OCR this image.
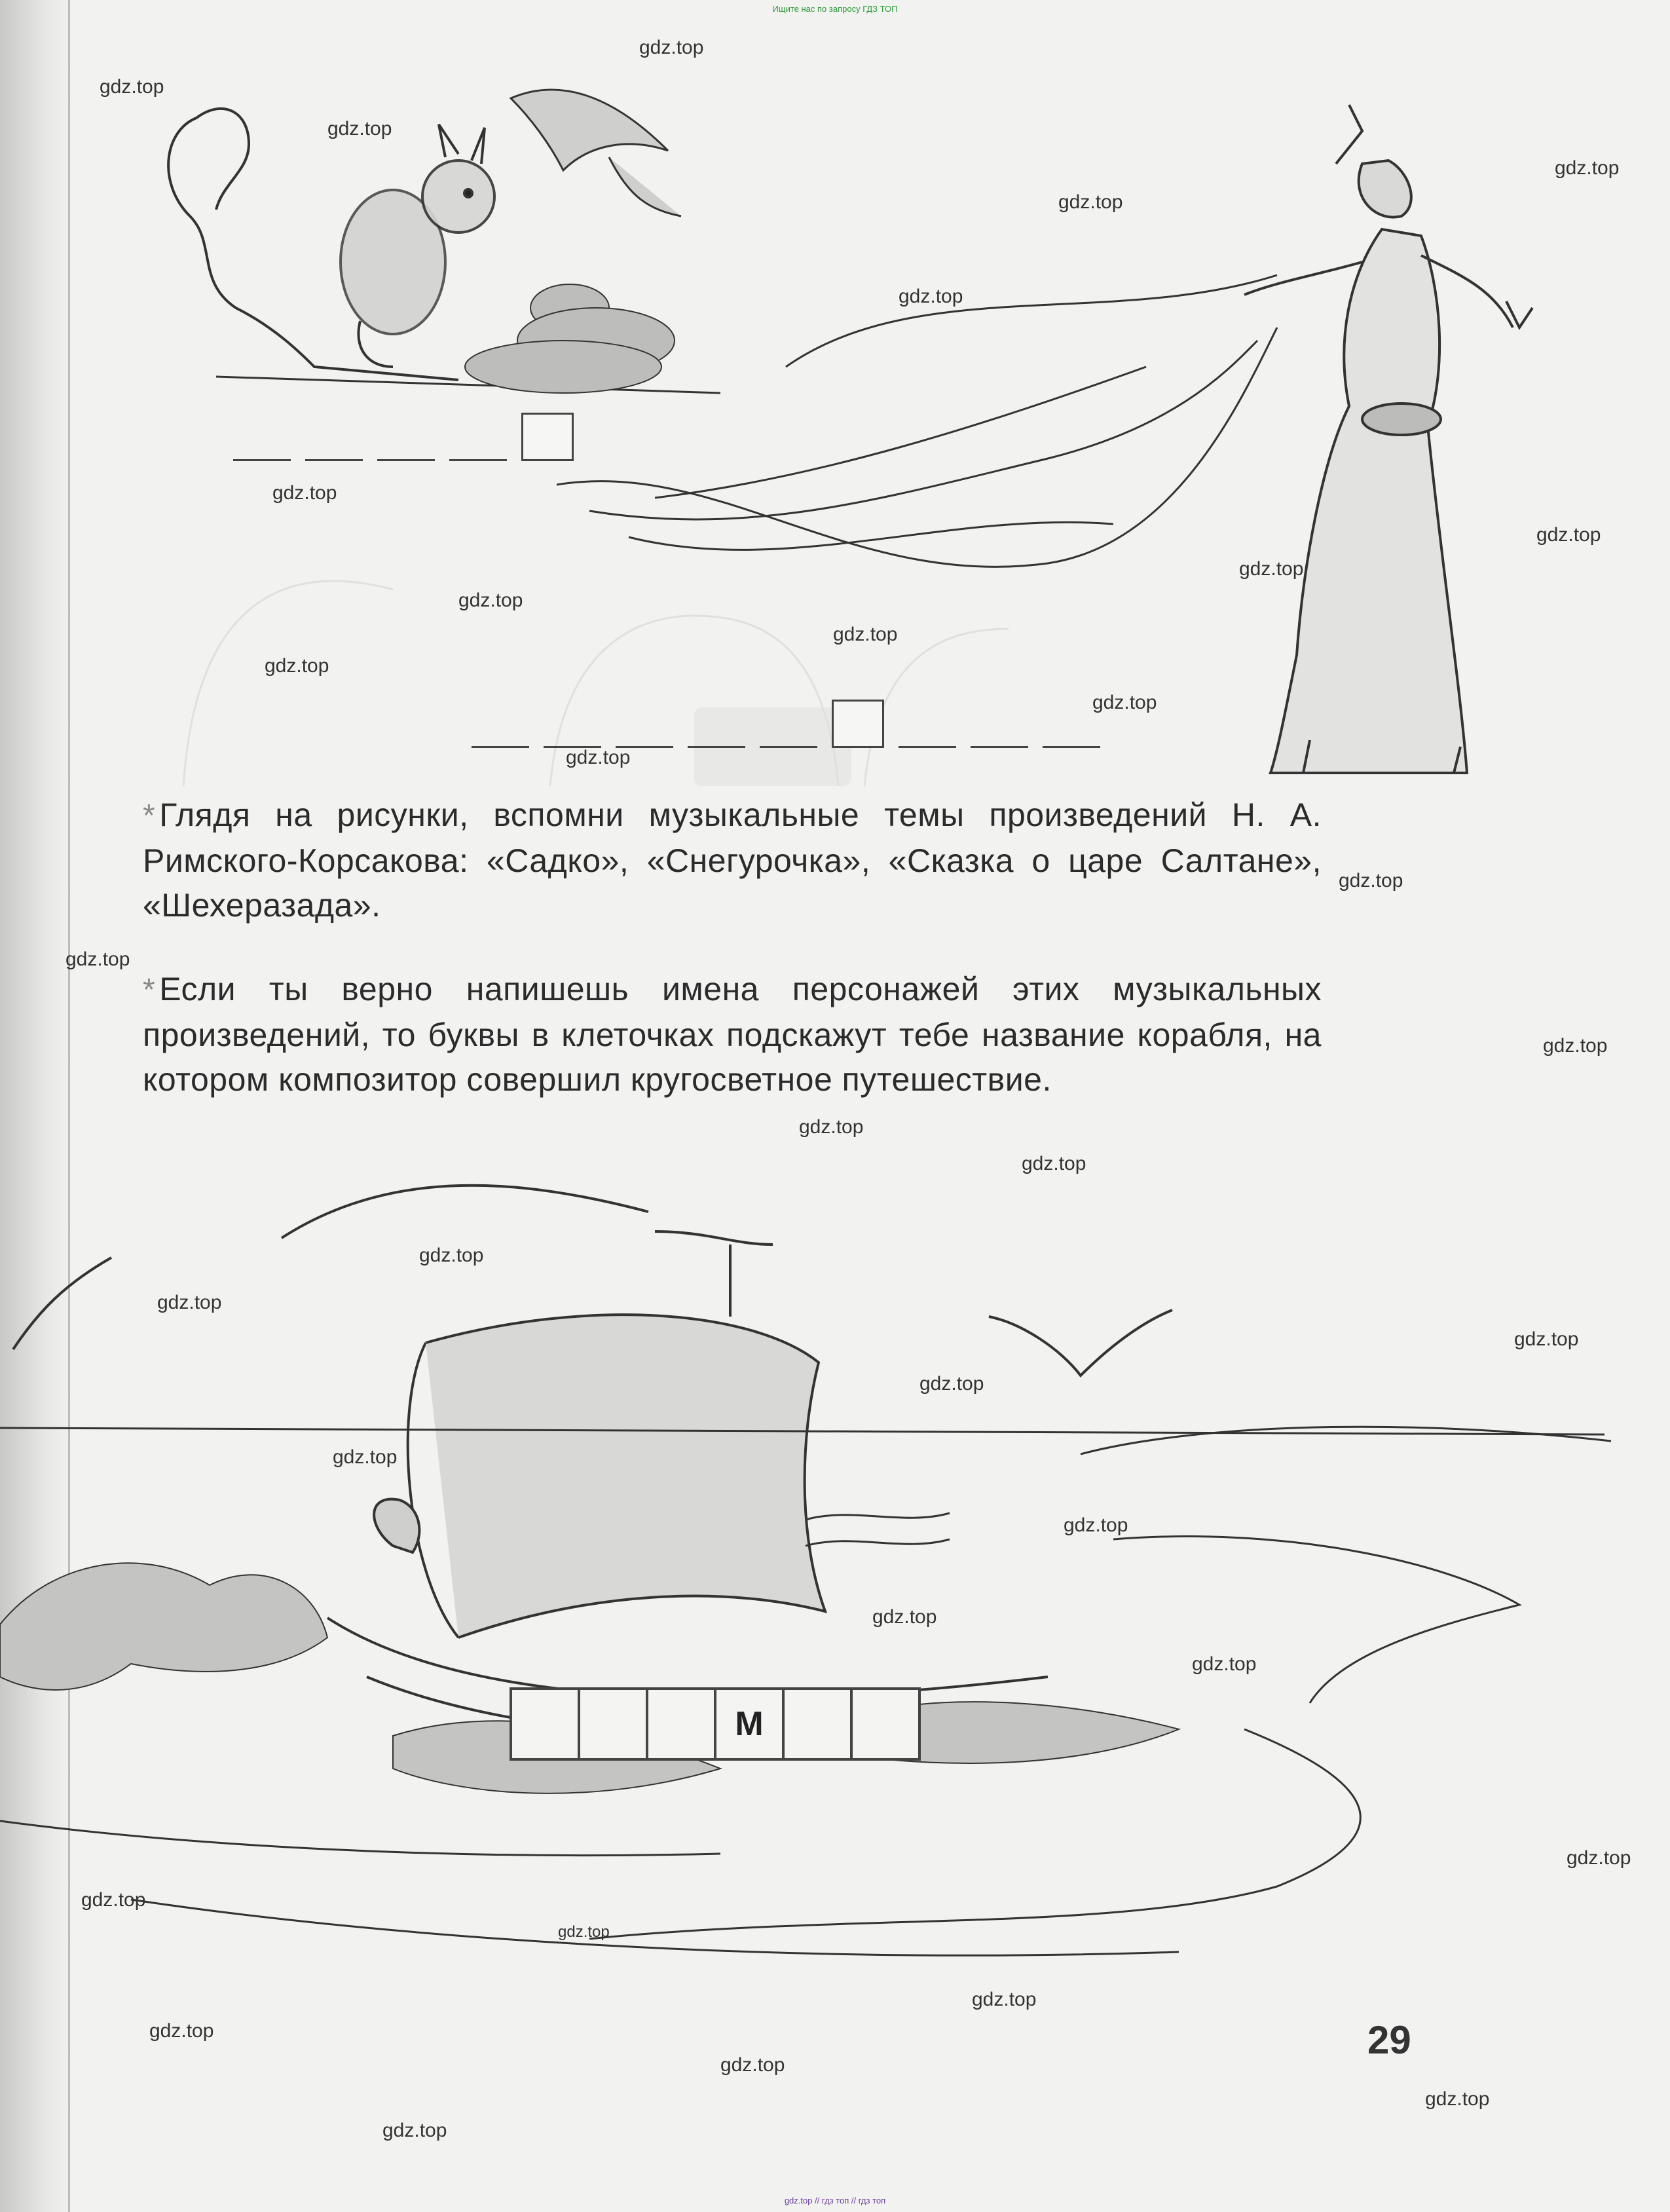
Ищите нас по запросу ГДЗ ТОП
* Глядя на рисунки, вспомни музыкальные темы произведений Н. А. Римского-Корсакова: «Садко», «Снегурочка», «Сказка о царе Салтане», «Шехеразада».
* Если ты верно напишешь имена персонажей этих музыкальных произведений, то буквы в клеточках подскажут тебе название корабля, на котором композитор совершил кругосветное путешествие.
М
29
gdz.top
gdz.top
gdz.top
gdz.top
gdz.top
gdz.top
gdz.top
gdz.top
gdz.top
gdz.top
gdz.top
gdz.top
gdz.top
gdz.top
gdz.top
gdz.top
gdz.top
gdz.top
gdz.top
gdz.top
gdz.top
gdz.top
gdz.top
gdz.top
gdz.top
gdz.top
gdz.top
gdz.top
gdz.top
gdz.top
gdz.top
gdz.top
gdz.top
gdz.top
gdz.top
gdz.top // гдз топ // гдз топ
